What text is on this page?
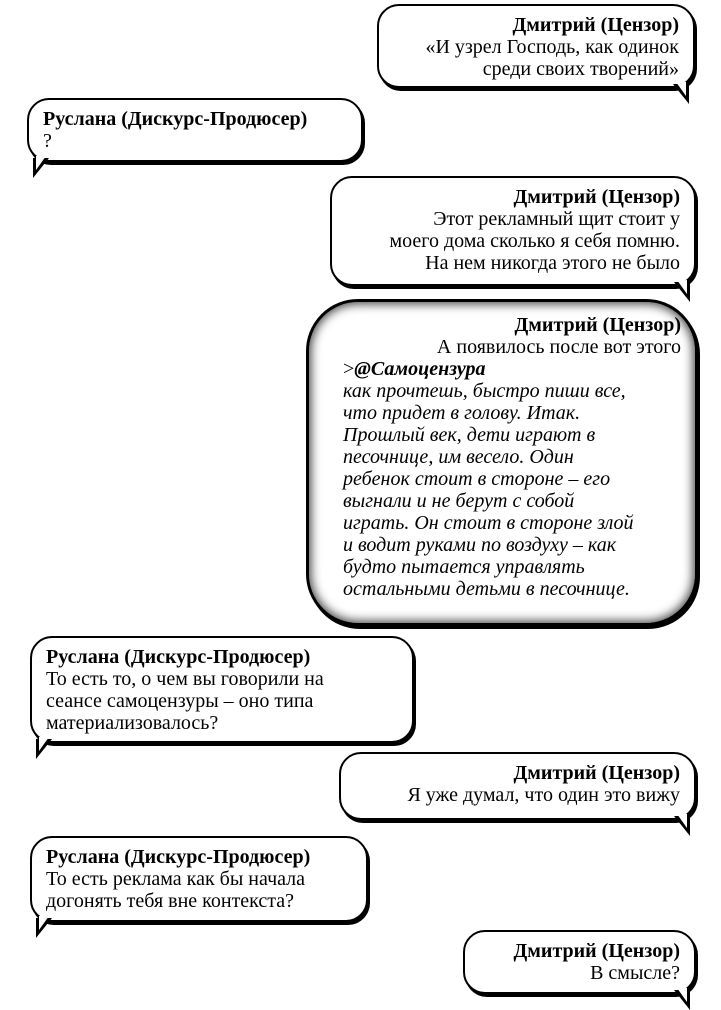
Дмитрий (Цензор)
«И узрел Господь, как одинок
среди своих творений»
Руслана (Дискурс-Продюсер)
?
Дмитрий (Цензор)
Этот рекламный щит стоит у
моего дома сколько я себя помню.
На нем никогда этого не было
Дмитрий (Цензор)
А появилось после вот этого
>@Самоцензура
как прочтешь, быстро пиши все,
что придет в голову. Итак.
Прошлый век, дети играют в
песочнице, им весело. Один
ребенок стоит в стороне – его
выгнали и не берут с собой
играть. Он стоит в стороне злой
и водит руками по воздуху – как
будто пытается управлять
остальными детьми в песочнице.
Руслана (Дискурс-Продюсер)
То есть то, о чем вы говорили на
сеансе самоцензуры – оно типа
материализовалось?
Дмитрий (Цензор)
Я уже думал, что один это вижу
Руслана (Дискурс-Продюсер)
То есть реклама как бы начала
догонять тебя вне контекста?
Дмитрий (Цензор)
В смысле?
